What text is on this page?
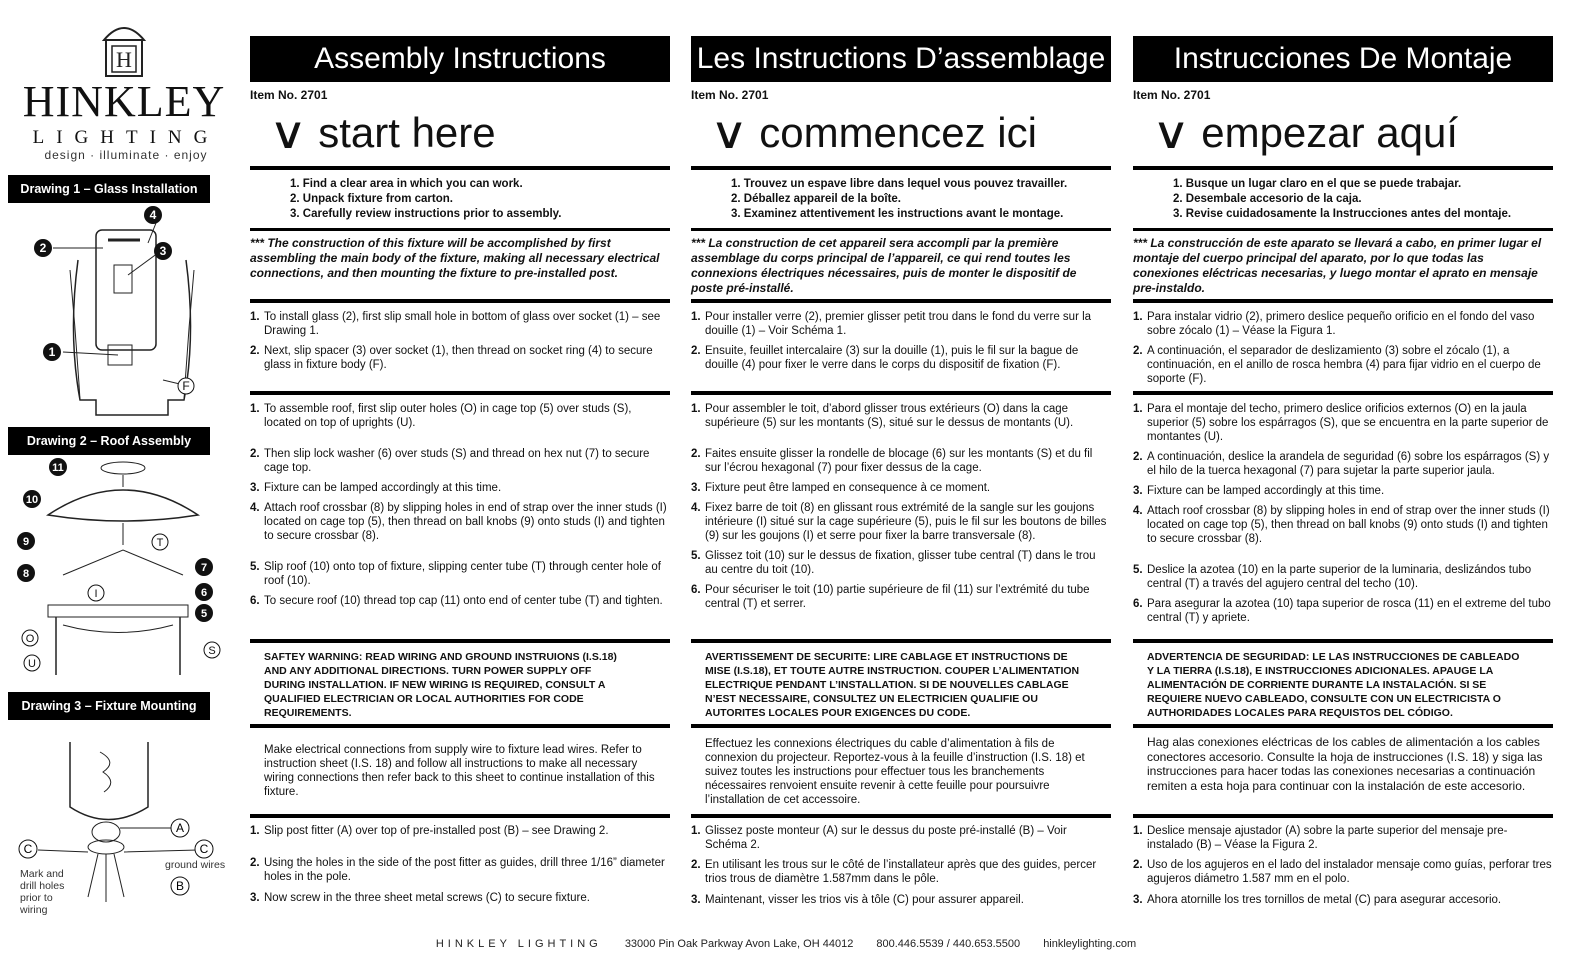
H
HINKLEY
LIGHTING
design · illuminate · enjoy
Drawing 1 – Glass Installation
4
2	3
1
F
Drawing 2 – Roof Assembly
11
10
9	T
7
8
6
I
5
O
U
S
Drawing 3 – Fixture Mounting
A
C	C
B
ground wires
Mark and drill holes prior to wiring
Assembly Instructions
Item No. 2701
∨ start here
1. Find a clear area in which you can work.
2. Unpack fixture from carton.
3. Carefully review instructions prior to assembly.
*** The construction of this fixture will be accomplished by first assembling the main body of the fixture, making all necessary electrical connections, and then mounting the fixture to pre-installed post.
1. To install glass (2), first slip small hole in bottom of glass over socket (1) – see Drawing 1.
2. Next, slip spacer (3) over socket (1), then thread on socket ring (4) to secure glass in fixture body (F).
1. To assemble roof, first slip outer holes (O) in cage top (5) over studs (S), located on top of uprights (U).
2. Then slip lock washer (6) over studs (S) and thread on hex nut (7) to secure cage top.
3. Fixture can be lamped accordingly at this time.
4. Attach roof crossbar (8) by slipping holes in end of strap over the inner studs (I) located on cage top (5), then thread on ball knobs (9) onto studs (I) and tighten to secure crossbar (8).
5. Slip roof (10) onto top of fixture, slipping center tube (T) through center hole of roof (10).
6. To secure roof (10) thread top cap (11) onto end of center tube (T) and tighten.
SAFTEY WARNING: READ WIRING AND GROUND INSTRUIONS (I.S.18) AND ANY ADDITIONAL DIRECTIONS. TURN POWER SUPPLY OFF DURING INSTALLATION. IF NEW WIRING IS REQUIRED, CONSULT A QUALIFIED ELECTRICIAN OR LOCAL AUTHORITIES FOR CODE REQUIREMENTS.
Make electrical connections from supply wire to fixture lead wires. Refer to instruction sheet (I.S. 18) and follow all instructions to make all necessary wiring connections then refer back to this sheet to continue installation of this fixture.
1. Slip post fitter (A) over top of pre-installed post (B) – see Drawing 2.
2. Using the holes in the side of the post fitter as guides, drill three 1/16” diameter holes in the pole.
3. Now screw in the three sheet metal screws (C) to secure fixture.
Les Instructions D’assemblage
Item No. 2701
∨ commencez ici
1. Trouvez un espave libre dans lequel vous pouvez travailler.
2. Déballez appareil de la boîte.
3. Examinez attentivement les instructions avant le montage.
*** La construction de cet appareil sera accompli par la première assemblage du corps principal de l’appareil, ce qui rend toutes les connexions électriques nécessaires, puis de monter le dispositif de poste pré-installé.
1. Pour installer verre (2), premier glisser petit trou dans le fond du verre sur la douille (1) – Voir Schéma 1.
2. Ensuite, feuillet intercalaire (3) sur la douille (1), puis le fil sur la bague de douille (4) pour fixer le verre dans le corps du dispositif de fixation (F).
1. Pour assembler le toit, d’abord glisser trous extérieurs (O) dans la cage supérieure (5) sur les montants (S), situé sur le dessus de montants (U).
2. Faites ensuite glisser la rondelle de blocage (6) sur les montants (S) et du fil sur l’écrou hexagonal (7) pour fixer dessus de la cage.
3. Fixture peut être lamped en consequence à ce moment.
4. Fixez barre de toit (8) en glissant rous extrémité de la sangle sur les goujons intérieure (I) situé sur la cage supérieure (5), puis le fil sur les boutons de billes (9) sur les goujons (I) et serre pour fixer la barre transversale (8).
5. Glissez toit (10) sur le dessus de fixation, glisser tube central (T) dans le trou au centre du toit (10).
6. Pour sécuriser le toit (10) partie supérieure de fil (11) sur l’extrémité du tube central (T) et serrer.
AVERTISSEMENT DE SECURITE: LIRE CABLAGE ET INSTRUCTIONS DE MISE (I.S.18), ET TOUTE AUTRE INSTRUCTION. COUPER L’ALIMENTATION ELECTRIQUE PENDANT L’INSTALLATION. SI DE NOUVELLES CABLAGE N’EST NECESSAIRE, CONSULTEZ UN ELECTRICIEN QUALIFIE OU AUTORITES LOCALES POUR EXIGENCES DU CODE.
Effectuez les connexions électriques du cable d’alimentation à fils de connexion du projecteur. Reportez-vous à la feuille d’instruction (I.S. 18) et suivez toutes les instructions pour effectuer tous les branchements nécessaires renvoient ensuite revenir à cette feuille pour poursuivre l’installation de cet accessoire.
1. Glissez poste monteur (A) sur le dessus du poste pré-installé (B) – Voir Schéma 2.
2. En utilisant les trous sur le côté de l’installateur après que des guides, percer trios trous de diamètre 1.587mm dans le pôle.
3. Maintenant, visser les trios vis à tôle (C) pour assurer appareil.
Instrucciones De Montaje
Item No. 2701
∨ empezar aquí
1. Busque un lugar claro en el que se puede trabajar.
2. Desembale accesorio de la caja.
3. Revise cuidadosamente la Instrucciones antes del montaje.
*** La construcción de este aparato se llevará a cabo, en primer lugar el montaje del cuerpo principal del aparato, por lo que todas las conexiones eléctricas necesarias, y luego montar el aprato en mensaje pre-instaldo.
1. Para instalar vidrio (2), primero deslice pequeño orificio en el fondo del vaso sobre zócalo (1) – Véase la Figura 1.
2. A continuación, el separador de deslizamiento (3) sobre el zócalo (1), a continuación, en el anillo de rosca hembra (4) para fijar vidrio en el cuerpo de soporte (F).
1. Para el montaje del techo, primero deslice orificios externos (O) en la jaula superior (5) sobre los espárragos (S), que se encuentra en la parte superior de montantes (U).
2. A continuación, deslice la arandela de seguridad (6) sobre los espárragos (S) y el hilo de la tuerca hexagonal (7) para sujetar la parte superior jaula.
3. Fixture can be lamped accordingly at this time.
4. Attach roof crossbar (8) by slipping holes in end of strap over the inner studs (I) located on cage top (5), then thread on ball knobs (9) onto studs (I) and tighten to secure crossbar (8).
5. Deslice la azotea (10) en la parte superior de la luminaria, deslizándos tubo central (T) a través del agujero central del techo (10).
6. Para asegurar la azotea (10) tapa superior de rosca (11) en el extreme del tubo central (T) y apriete.
ADVERTENCIA DE SEGURIDAD: LE LAS INSTRUCCIONES DE CABLEADO Y LA TIERRA (I.S.18), E INSTRUCCIONES ADICIONALES. APAUGE LA ALIMENTACIÓN DE CORRIENTE DURANTE LA INSTALACIÓN. SI SE REQUIERE NUEVO CABLEADO, CONSULTE CON UN ELECTRICISTA O AUTHORIDADES LOCALES PARA REQUISTOS DEL CÓDIGO.
Hag alas conexiones eléctricas de los cables de alimentación a los cables conectores accesorio. Consulte la hoja de instrucciones (I.S. 18) y siga las instrucciones para hacer todas las conexiones necesarias a continuación remiten a esta hoja para continuar con la instalación de este accesorio.
1. Deslice mensaje ajustador (A) sobre la parte superior del mensaje pre-instalado (B) – Véase la Figura 2.
2. Uso de los agujeros en el lado del instalador mensaje como guías, perforar tres agujeros diámetro 1.587 mm en el polo.
3. Ahora atornille los tres tornillos de metal (C) para asegurar accesorio.
HINKLEY LIGHTING 33000 Pin Oak Parkway Avon Lake, OH 44012 800.446.5539 / 440.653.5500 hinkleylighting.com
